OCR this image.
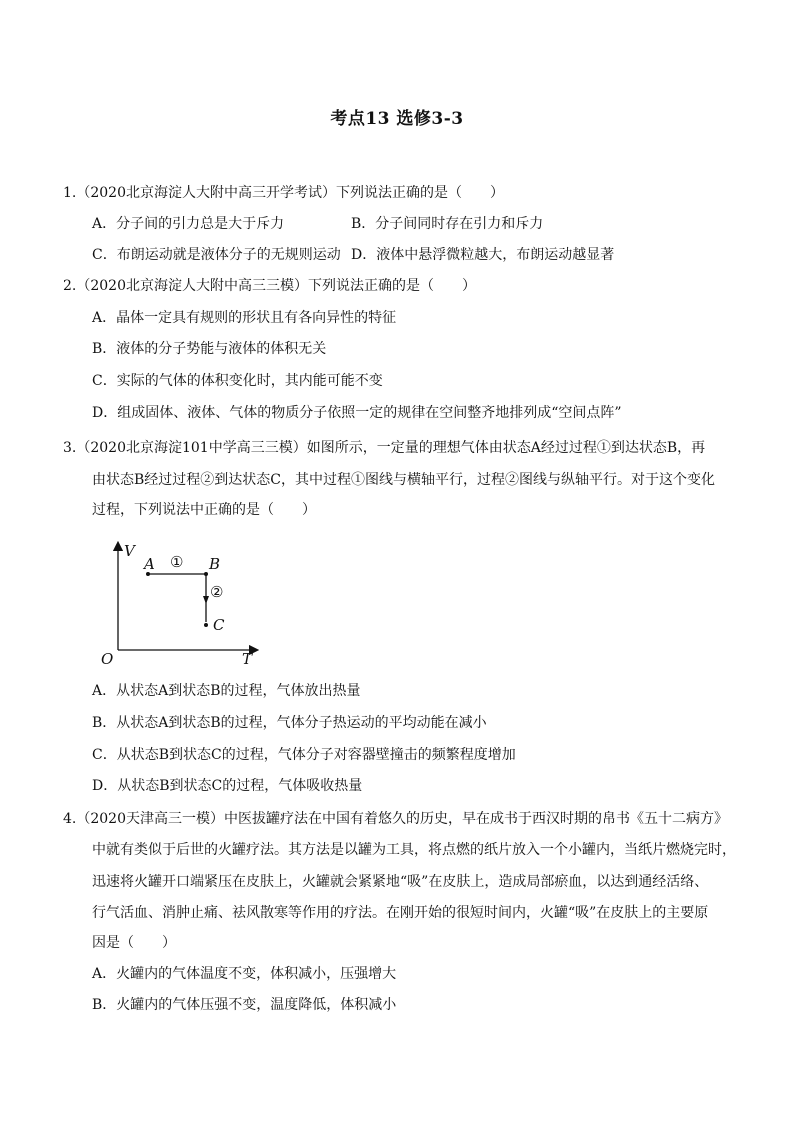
考点13 选修3-3
1.（2020北京海淀人大附中高三开学考试）下列说法正确的是（　　）
A．分子间的引力总是大于斥力	B．分子间同时存在引力和斥力
C．布朗运动就是液体分子的无规则运动 D．液体中悬浮微粒越大，布朗运动越显著
2.（2020北京海淀人大附中高三三模）下列说法正确的是（　　）
A．晶体一定具有规则的形状且有各向异性的特征
B．液体的分子势能与液体的体积无关
C．实际的气体的体积变化时，其内能可能不变
D．组成固体、液体、气体的物质分子依照一定的规律在空间整齐地排列成“空间点阵”
3.（2020北京海淀101中学高三三模）如图所示，一定量的理想气体由状态A经过过程①到达状态B，再
由状态B经过过程②到达状态C，其中过程①图线与横轴平行，过程②图线与纵轴平行。对于这个变化
过程，下列说法中正确的是（　　）
V
T
O
A	B
C
①
②
A．从状态A到状态B的过程，气体放出热量
B．从状态A到状态B的过程，气体分子热运动的平均动能在减小
C．从状态B到状态C的过程，气体分子对容器壁撞击的频繁程度增加
D．从状态B到状态C的过程，气体吸收热量
4.（2020天津高三一模）中医拔罐疗法在中国有着悠久的历史，早在成书于西汉时期的帛书《五十二病方》
中就有类似于后世的火罐疗法。其方法是以罐为工具，将点燃的纸片放入一个小罐内，当纸片燃烧完时，
迅速将火罐开口端紧压在皮肤上，火罐就会紧紧地“吸”在皮肤上，造成局部瘀血，以达到通经活络、
行气活血、消肿止痛、祛风散寒等作用的疗法。在刚开始的很短时间内，火罐“吸”在皮肤上的主要原
因是（　　）
A．火罐内的气体温度不变，体积减小，压强增大
B．火罐内的气体压强不变，温度降低，体积减小
